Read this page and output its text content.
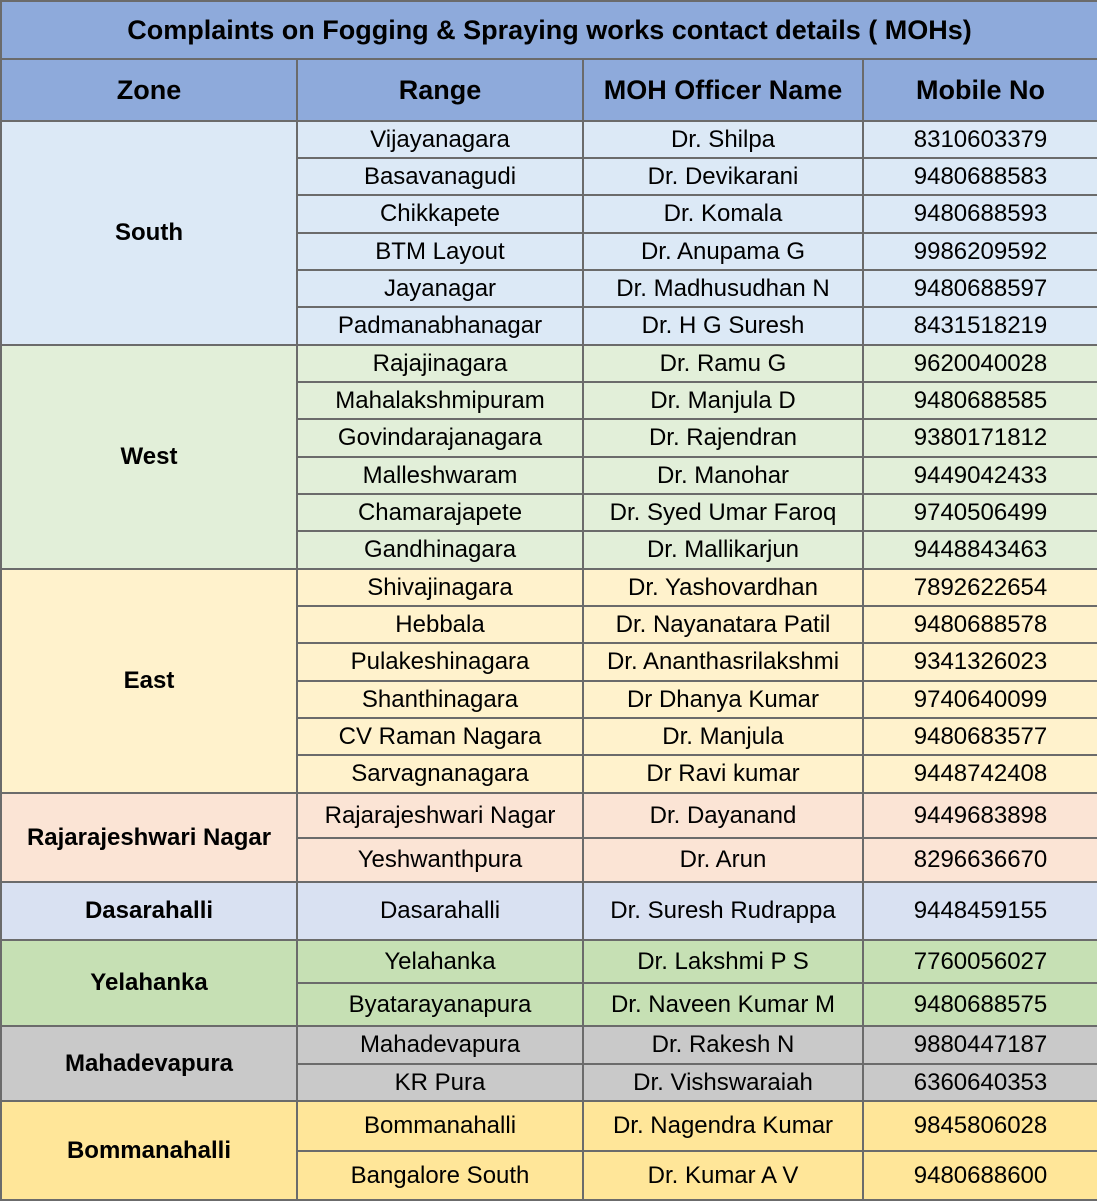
Complaints on Fogging & Spraying works contact details ( MOHs)			
Zone	Range	MOH Officer Name	Mobile No
South	Vijayanagara	Dr. Shilpa	8310603379
	Basavanagudi	Dr. Devikarani	9480688583
	Chikkapete	Dr. Komala	9480688593
	BTM Layout	Dr. Anupama G	9986209592
	Jayanagar	Dr. Madhusudhan N	9480688597
	Padmanabhanagar	Dr. H G Suresh	8431518219
West	Rajajinagara	Dr. Ramu G	9620040028
	Mahalakshmipuram	Dr. Manjula D	9480688585
	Govindarajanagara	Dr. Rajendran	9380171812
	Malleshwaram	Dr. Manohar	9449042433
	Chamarajapete	Dr. Syed Umar Faroq	9740506499
	Gandhinagara	Dr. Mallikarjun	9448843463
East	Shivajinagara	Dr. Yashovardhan	7892622654
	Hebbala	Dr. Nayanatara Patil	9480688578
	Pulakeshinagara	Dr. Ananthasrilakshmi	9341326023
	Shanthinagara	Dr Dhanya Kumar	9740640099
	CV Raman Nagara	Dr. Manjula	9480683577
	Sarvagnanagara	Dr Ravi kumar	9448742408
Rajarajeshwari Nagar	Rajarajeshwari Nagar	Dr. Dayanand	9449683898
	Yeshwanthpura	Dr. Arun	8296636670
Dasarahalli	Dasarahalli	Dr. Suresh Rudrappa	9448459155
Yelahanka	Yelahanka	Dr. Lakshmi P S	7760056027
	Byatarayanapura	Dr. Naveen Kumar M	9480688575
Mahadevapura	Mahadevapura	Dr. Rakesh N	9880447187
	KR Pura	Dr. Vishswaraiah	6360640353
Bommanahalli	Bommanahalli	Dr. Nagendra Kumar	9845806028
	Bangalore South	Dr. Kumar A V	9480688600
